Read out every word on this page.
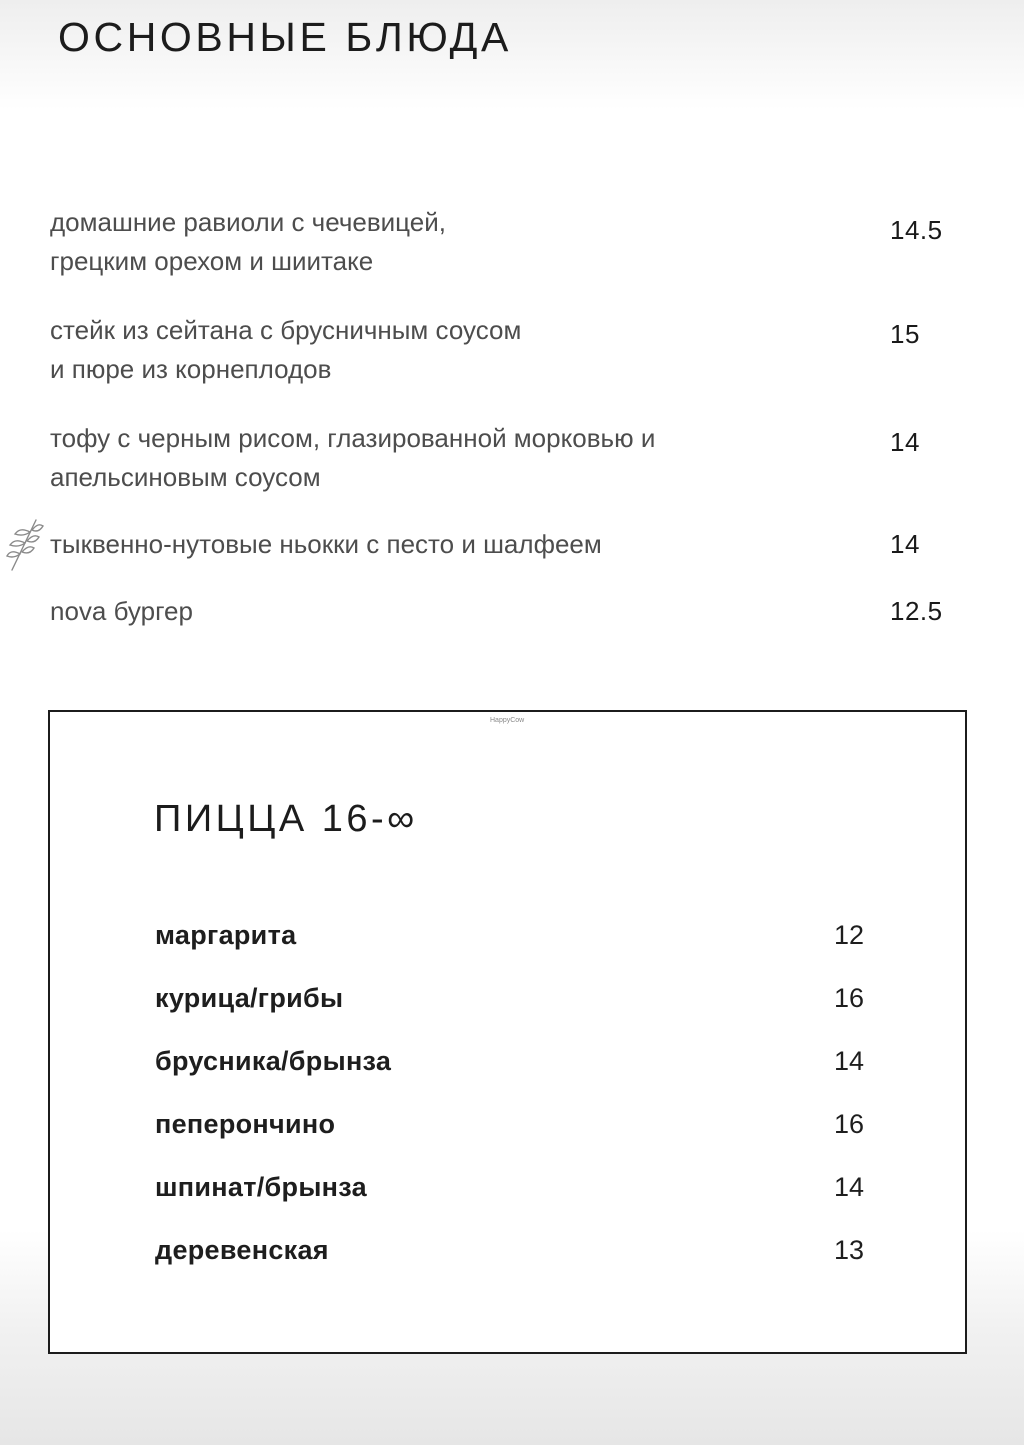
ОСНОВНЫЕ БЛЮДА
домашние равиоли с чечевицей,
грецким орехом и шиитаке
14.5
стейк из сейтана с брусничным соусом
и пюре из корнеплодов
15
тофу с черным рисом, глазированной морковью и
апельсиновым соусом
14
тыквенно-нутовые ньокки с песто и шалфеем	14
nova бургер	12.5
HappyCow
ПИЦЦА 16-∞
маргарита	12
курица/грибы	16
брусника/брынза	14
пеперончино	16
шпинат/брынза	14
деревенская	13
